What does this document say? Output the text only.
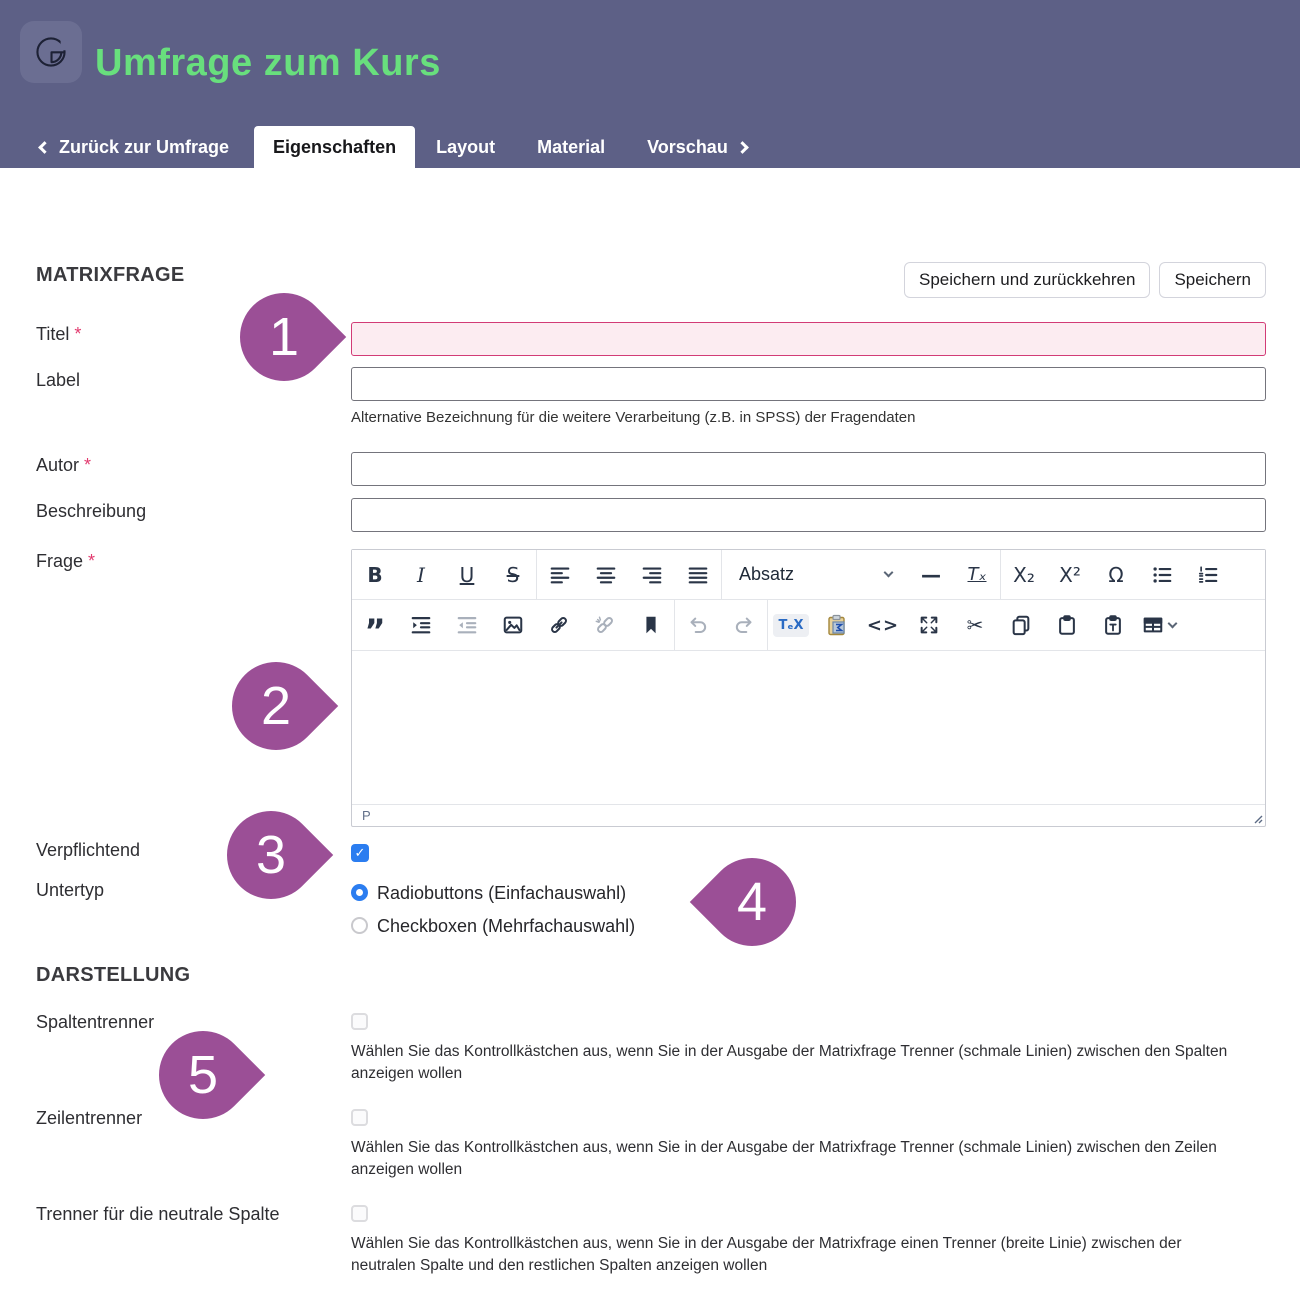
Umfrage zum Kurs
Zurück zur Umfrage	Eigenschaften	Layout	Material	Vorschau
MATRIXFRAGE	Speichern und zurückkehren	Speichern
Titel *
Label
Alternative Bezeichnung für die weitere Verarbeitung (z.B. in SPSS) der Fragendaten
Autor *
Beschreibung
Frage *
B	I	U	S	Absatz	—	Tₓ	X₂	X²	Ω
”	TₑX	<>	✂
P
Verpflichtend	✓
Untertyp	Radiobuttons (Einfachauswahl)
Checkboxen (Mehrfachauswahl)
DARSTELLUNG
Spaltentrenner
Wählen Sie das Kontrollkästchen aus, wenn Sie in der Ausgabe der Matrixfrage Trenner (schmale Linien) zwischen den Spalten anzeigen wollen
Zeilentrenner
Wählen Sie das Kontrollkästchen aus, wenn Sie in der Ausgabe der Matrixfrage Trenner (schmale Linien) zwischen den Zeilen anzeigen wollen
Trenner für die neutrale Spalte
Wählen Sie das Kontrollkästchen aus, wenn Sie in der Ausgabe der Matrixfrage einen Trenner (breite Linie) zwischen der neutralen Spalte und den restlichen Spalten anzeigen wollen
1
2
3
4
5
